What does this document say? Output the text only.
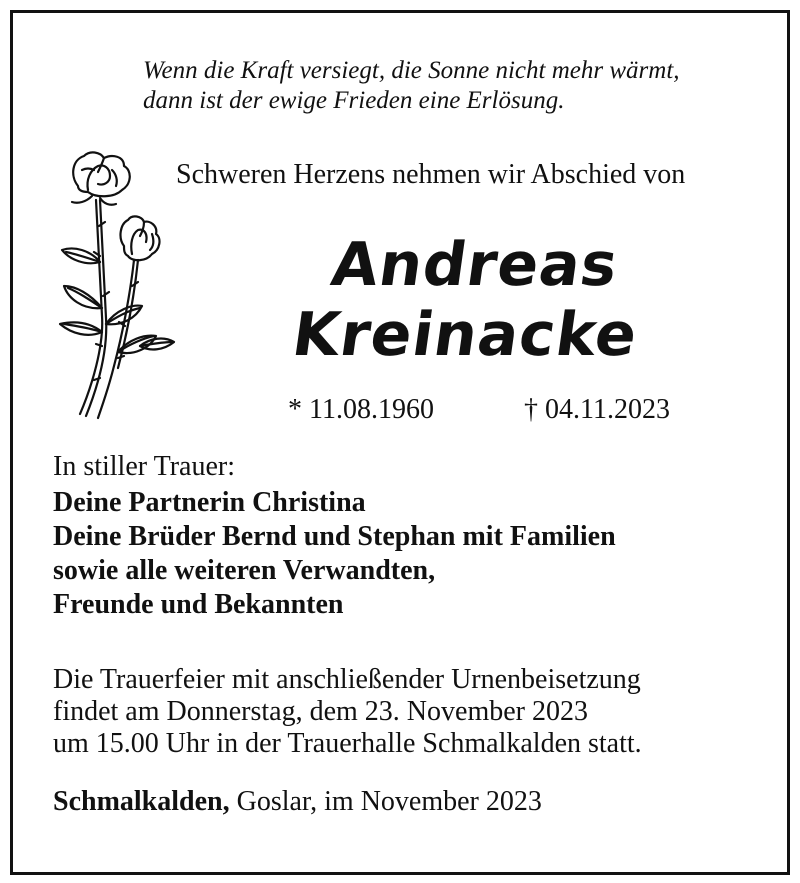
Wenn die Kraft versiegt, die Sonne nicht mehr wärmt,
dann ist der ewige Frieden eine Erlösung.
Schweren Herzens nehmen wir Abschied von
Andreas
Kreinacke
* 11.08.1960	† 04.11.2023
In stiller Trauer:
Deine Partnerin Christina
Deine Brüder Bernd und Stephan mit Familien
sowie alle weiteren Verwandten,
Freunde und Bekannten
Die Trauerfeier mit anschließender Urnenbeisetzung
findet am Donnerstag, dem 23. November 2023
um 15.00 Uhr in der Trauerhalle Schmalkalden statt.
Schmalkalden, Goslar, im November 2023
